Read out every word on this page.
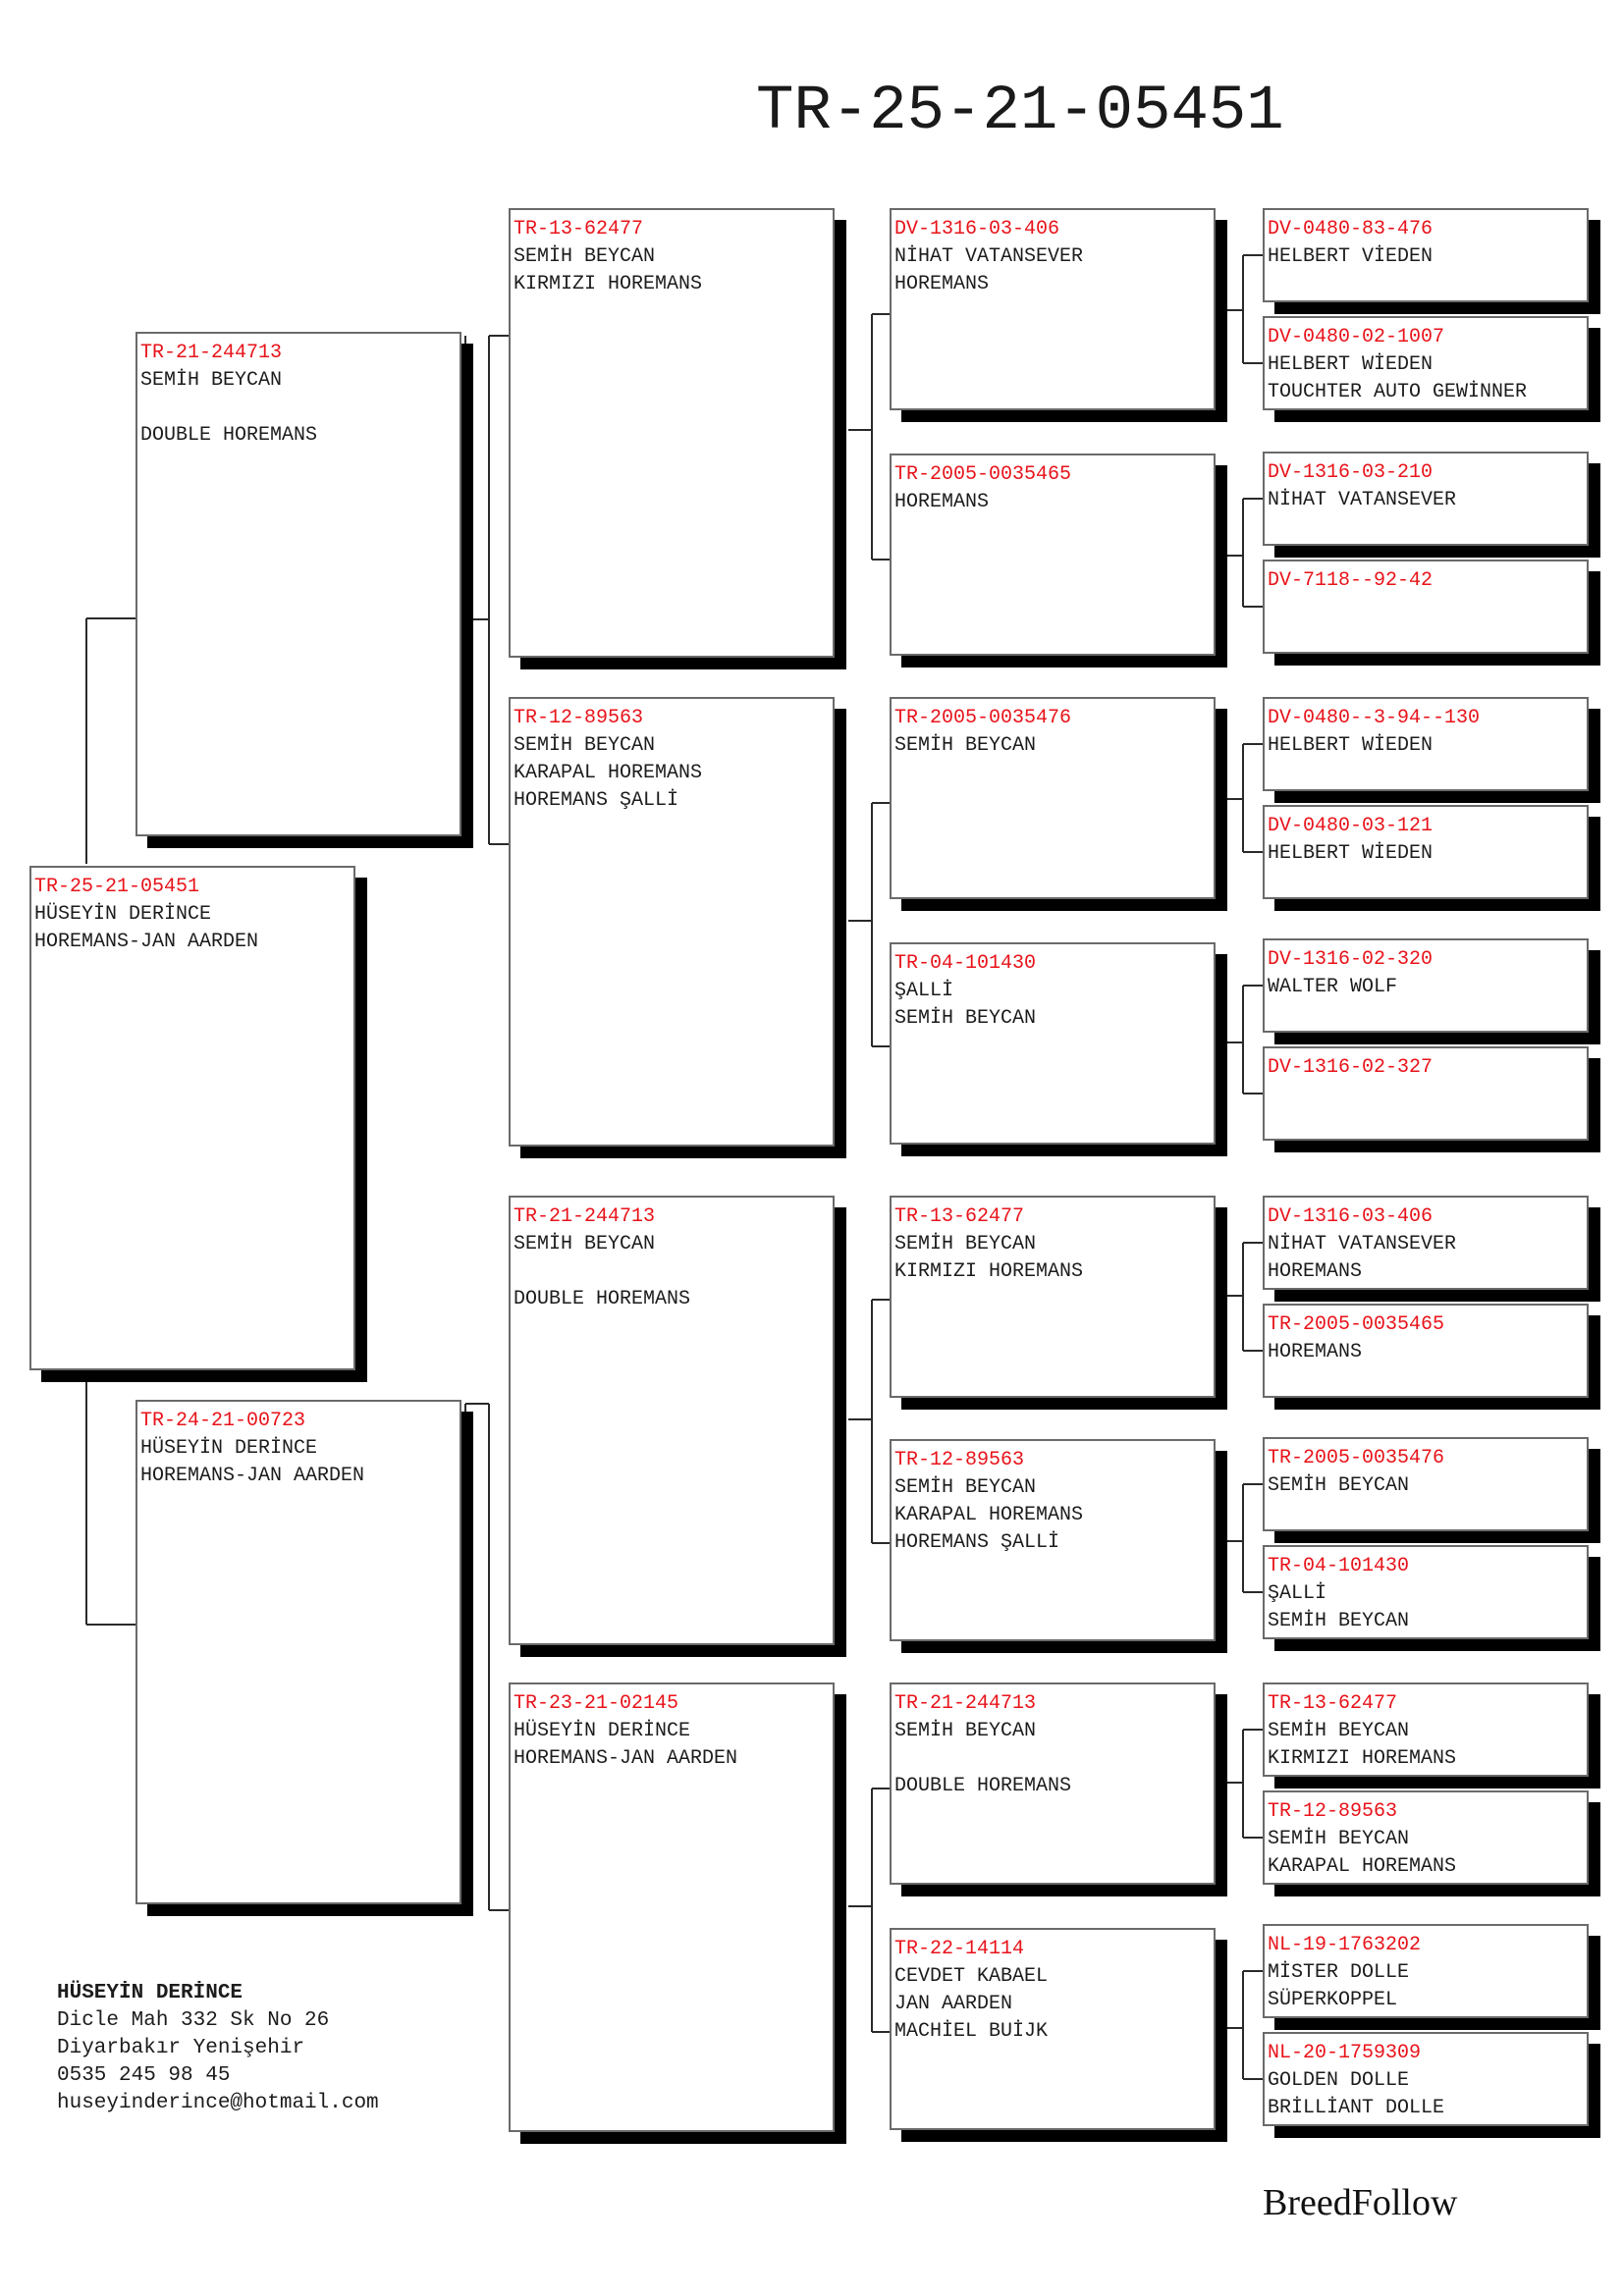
TR-25-21-05451
TR-25-21-05451
HÜSEYİN DERİNCE
HOREMANS-JAN AARDEN
TR-21-244713
SEMİH BEYCAN
DOUBLE HOREMANS
TR-24-21-00723
HÜSEYİN DERİNCE
HOREMANS-JAN AARDEN
TR-13-62477
SEMİH BEYCAN
KIRMIZI HOREMANS
TR-12-89563
SEMİH BEYCAN
KARAPAL HOREMANS
HOREMANS ŞALLİ
TR-21-244713
SEMİH BEYCAN
DOUBLE HOREMANS
TR-23-21-02145
HÜSEYİN DERİNCE
HOREMANS-JAN AARDEN
DV-1316-03-406
NİHAT VATANSEVER
HOREMANS
TR-2005-0035465
HOREMANS
TR-2005-0035476
SEMİH BEYCAN
TR-04-101430
ŞALLİ
SEMİH BEYCAN
TR-13-62477
SEMİH BEYCAN
KIRMIZI HOREMANS
TR-12-89563
SEMİH BEYCAN
KARAPAL HOREMANS
HOREMANS ŞALLİ
TR-21-244713
SEMİH BEYCAN
DOUBLE HOREMANS
TR-22-14114
CEVDET KABAEL
JAN AARDEN
MACHİEL BUİJK
DV-0480-83-476
HELBERT VİEDEN
DV-0480-02-1007
HELBERT WİEDEN
TOUCHTER AUTO GEWİNNER
DV-1316-03-210
NİHAT VATANSEVER
DV-7118--92-42
DV-0480--3-94--130
HELBERT WİEDEN
DV-0480-03-121
HELBERT WİEDEN
DV-1316-02-320
WALTER WOLF
DV-1316-02-327
DV-1316-03-406
NİHAT VATANSEVER
HOREMANS
TR-2005-0035465
HOREMANS
TR-2005-0035476
SEMİH BEYCAN
TR-04-101430
ŞALLİ
SEMİH BEYCAN
TR-13-62477
SEMİH BEYCAN
KIRMIZI HOREMANS
TR-12-89563
SEMİH BEYCAN
KARAPAL HOREMANS
NL-19-1763202
MİSTER DOLLE
SÜPERKOPPEL
NL-20-1759309
GOLDEN DOLLE
BRİLLİANT DOLLE
HÜSEYİN DERİNCE
Dicle Mah 332 Sk No 26
Diyarbakır Yenişehir
0535 245 98 45
huseyinderince@hotmail.com
BreedFollow
